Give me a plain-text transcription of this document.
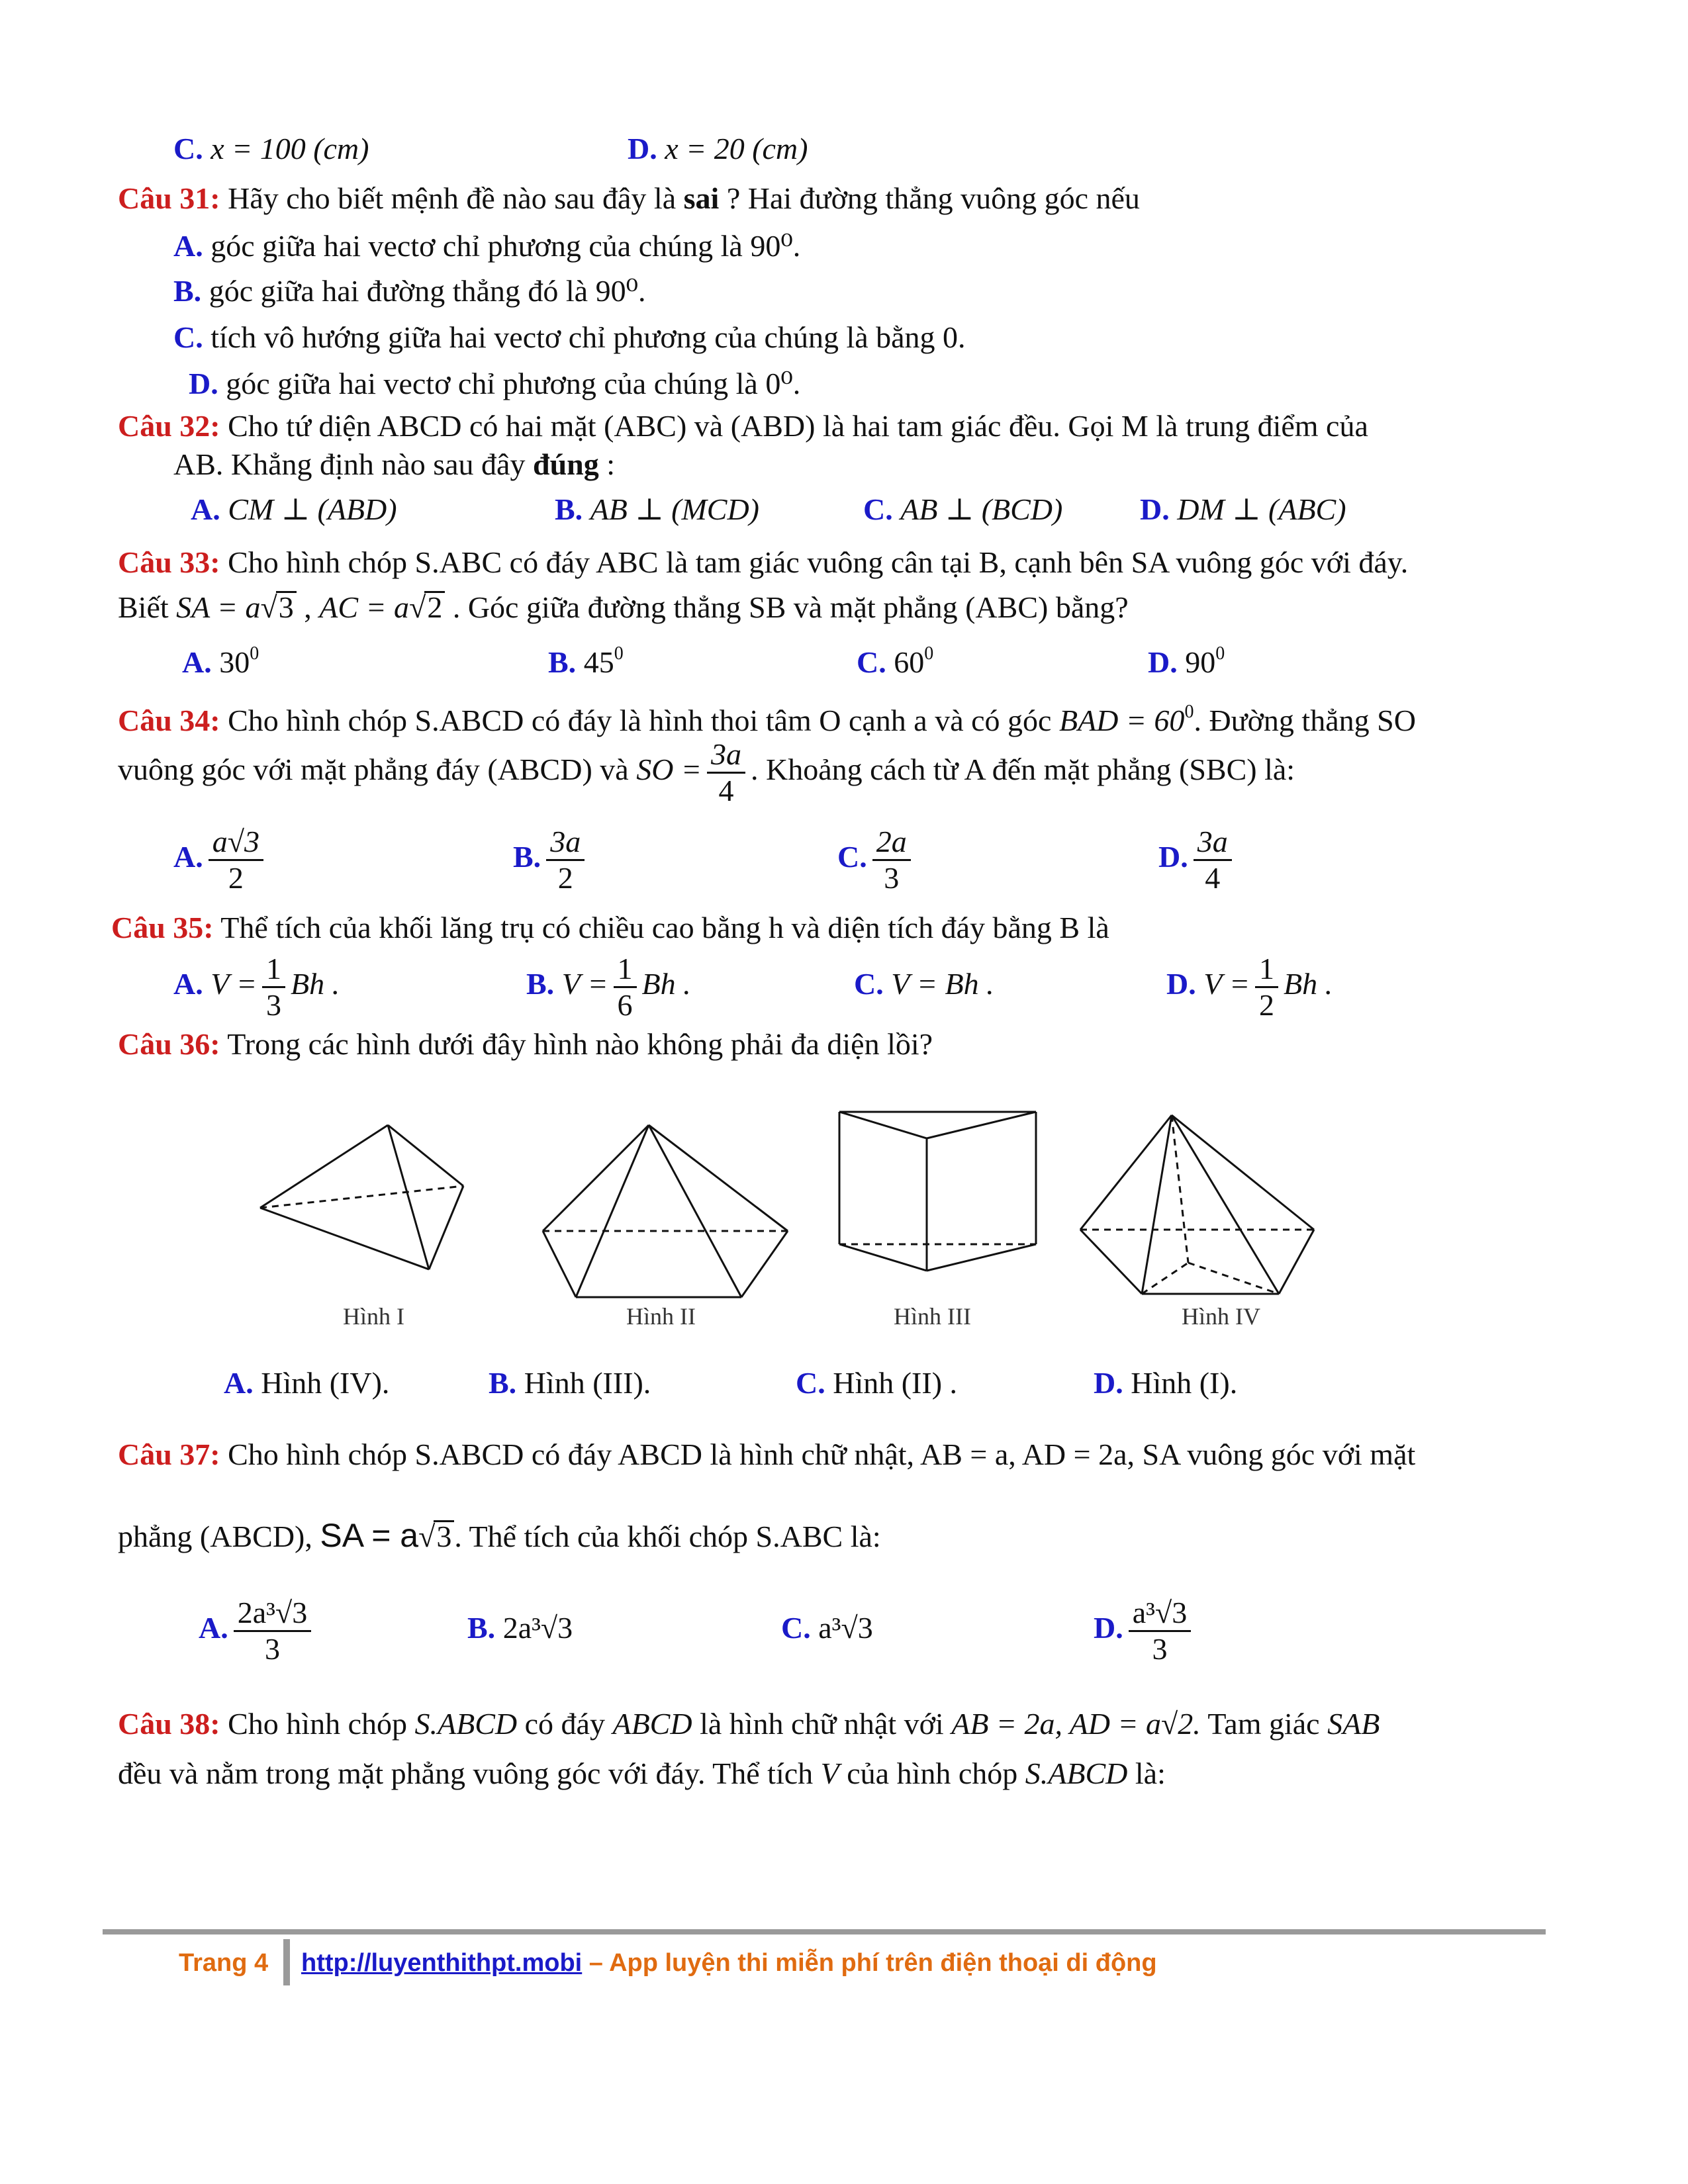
C. x = 100 (cm)	D. x = 20 (cm)
Câu 31: Hãy cho biết mệnh đề nào sau đây là sai ? Hai đường thẳng vuông góc nếu
A. góc giữa hai vectơ chỉ phương của chúng là 90⁰.
B. góc giữa hai đường thẳng đó là 90⁰.
C. tích vô hướng giữa hai vectơ chỉ phương của chúng là bằng 0.
D. góc giữa hai vectơ chỉ phương của chúng là 0⁰.
Câu 32: Cho tứ diện ABCD có hai mặt (ABC) và (ABD) là hai tam giác đều. Gọi M là trung điểm của
AB. Khẳng định nào sau đây đúng :
A. CM ⊥ (ABD)	B. AB ⊥ (MCD)	C. AB ⊥ (BCD)	D. DM ⊥ (ABC)
Câu 33: Cho hình chóp S.ABC có đáy ABC là tam giác vuông cân tại B, cạnh bên SA vuông góc với đáy.
Biết SA = a√3 , AC = a√2 . Góc giữa đường thẳng SB và mặt phẳng (ABC) bằng?
A. $30^0$	B. $45^0$	C. $60^0$	D. $90^0$
Câu 34: Cho hình chóp S.ABCD có đáy là hình thoi tâm O cạnh a và có góc BAD = $60^0$. Đường thẳng SO
vuông góc với mặt phẳng đáy (ABCD) và SO = $\frac{3a}{4}$ . Khoảng cách từ A đến mặt phẳng (SBC) là:
A. $\frac{a√3}{2}$	B. $\frac{3a}{2}$	C. $\frac{2a}{3}$	D. $\frac{3a}{4}$
Câu 35: Thể tích của khối lăng trụ có chiều cao bằng h và diện tích đáy bằng B là
A. $V = \frac{1}{3}$ Bh .	B. $V = \frac{1}{6}$ Bh .	C. V = Bh .	D. $V = \frac{1}{2}$ Bh .
Câu 36: Trong các hình dưới đây hình nào không phải đa diện lồi?
Hình I	Hình II	Hình III	Hình IV
A. Hình (IV).	B. Hình (III).	C. Hình (II) .	D. Hình (I).
Câu 37: Cho hình chóp S.ABCD có đáy ABCD là hình chữ nhật, AB = a, AD = 2a, SA vuông góc với mặt
phẳng (ABCD), SA = a√3. Thể tích của khối chóp S.ABC là:
A. $\frac{\text{2a³√3}}{3}$	B. 2a³√3	C. a³√3	D. $\frac{\text{a³√3}}{3}$
Câu 38: Cho hình chóp S.ABCD có đáy ABCD là hình chữ nhật với AB = 2a, AD = a√2. Tam giác SAB
đều và nằm trong mặt phẳng vuông góc với đáy. Thể tích V của hình chóp S.ABCD là:
Trang 4 http://luyenthithpt.mobi – App luyện thi miễn phí trên điện thoại di động
